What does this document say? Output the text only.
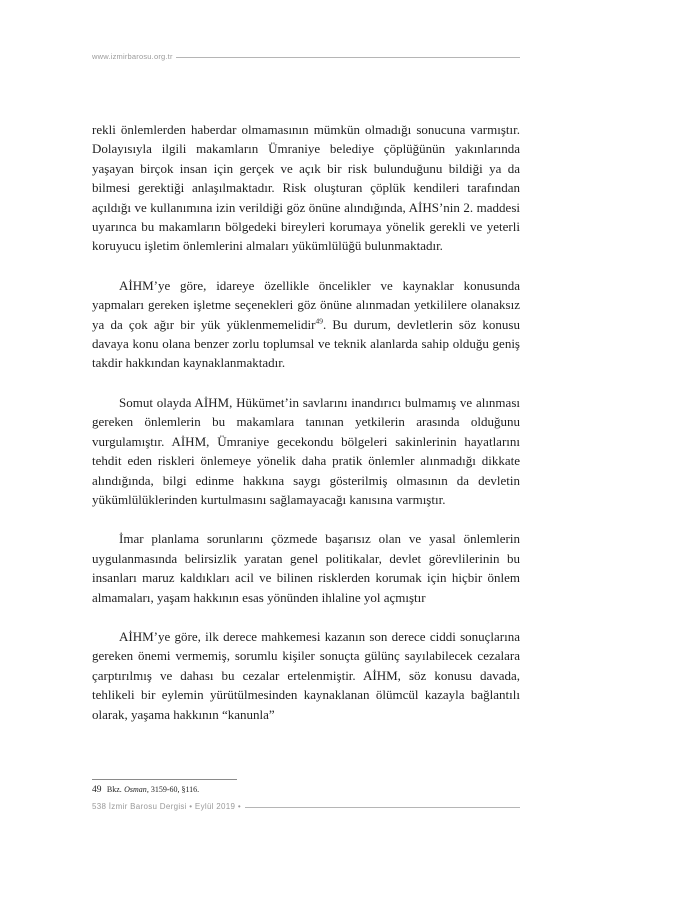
www.izmirbarosu.org.tr

rekli önlemlerden haberdar olmamasının mümkün olmadığı sonucuna varmıştır. Dolayısıyla ilgili makamların Ümraniye belediye çöplüğünün yakınlarında yaşayan birçok insan için gerçek ve açık bir risk bulunduğunu bildiği ya da bilmesi gerektiği anlaşılmaktadır. Risk oluşturan çöplük kendileri tarafından açıldığı ve kullanımına izin verildiği göz önüne alındığında, AİHS’nin 2. maddesi uyarınca bu makamların bölgedeki bireyleri korumaya yönelik gerekli ve yeterli koruyucu işletim önlemlerini almaları yükümlülüğü bulunmaktadır.

AİHM’ye göre, idareye özellikle öncelikler ve kaynaklar konusunda yapmaları gereken işletme seçenekleri göz önüne alınmadan yetkililere olanaksız ya da çok ağır bir yük yüklenmemelidir$^{49}$. Bu durum, devletlerin söz konusu davaya konu olana benzer zorlu toplumsal ve teknik alanlarda sahip olduğu geniş takdir hakkından kaynaklanmaktadır.

Somut olayda AİHM, Hükümet’in savlarını inandırıcı bulmamış ve alınması gereken önlemlerin bu makamlara tanınan yetkilerin arasında olduğunu vurgulamıştır. AİHM, Ümraniye gecekondu bölgeleri sakinlerinin hayatlarını tehdit eden riskleri önlemeye yönelik daha pratik önlemler alınmadığı dikkate alındığında, bilgi edinme hakkına saygı gösterilmiş olmasının da devletin yükümlülüklerinden kurtulmasını sağlamayacağı kanısına varmıştır.

İmar planlama sorunlarını çözmede başarısız olan ve yasal önlemlerin uygulanmasında belirsizlik yaratan genel politikalar, devlet görevlilerinin bu insanları maruz kaldıkları acil ve bilinen risklerden korumak için hiçbir önlem almamaları, yaşam hakkının esas yönünden ihlaline yol açmıştır

AİHM’ye göre, ilk derece mahkemesi kazanın son derece ciddi sonuçlarına gereken önemi vermemiş, sorumlu kişiler sonuçta gülünç sayılabilecek cezalara çarptırılmış ve dahası bu cezalar ertelenmiştir. AİHM, söz konusu davada, tehlikeli bir eylemin yürütülmesinden kaynaklanan ölümcül kazayla bağlantılı olarak, yaşama hakkının “kanunla”

49 Bkz. Osman, 3159-60, §116.
538 İzmir Barosu Dergisi • Eylül 2019 •
